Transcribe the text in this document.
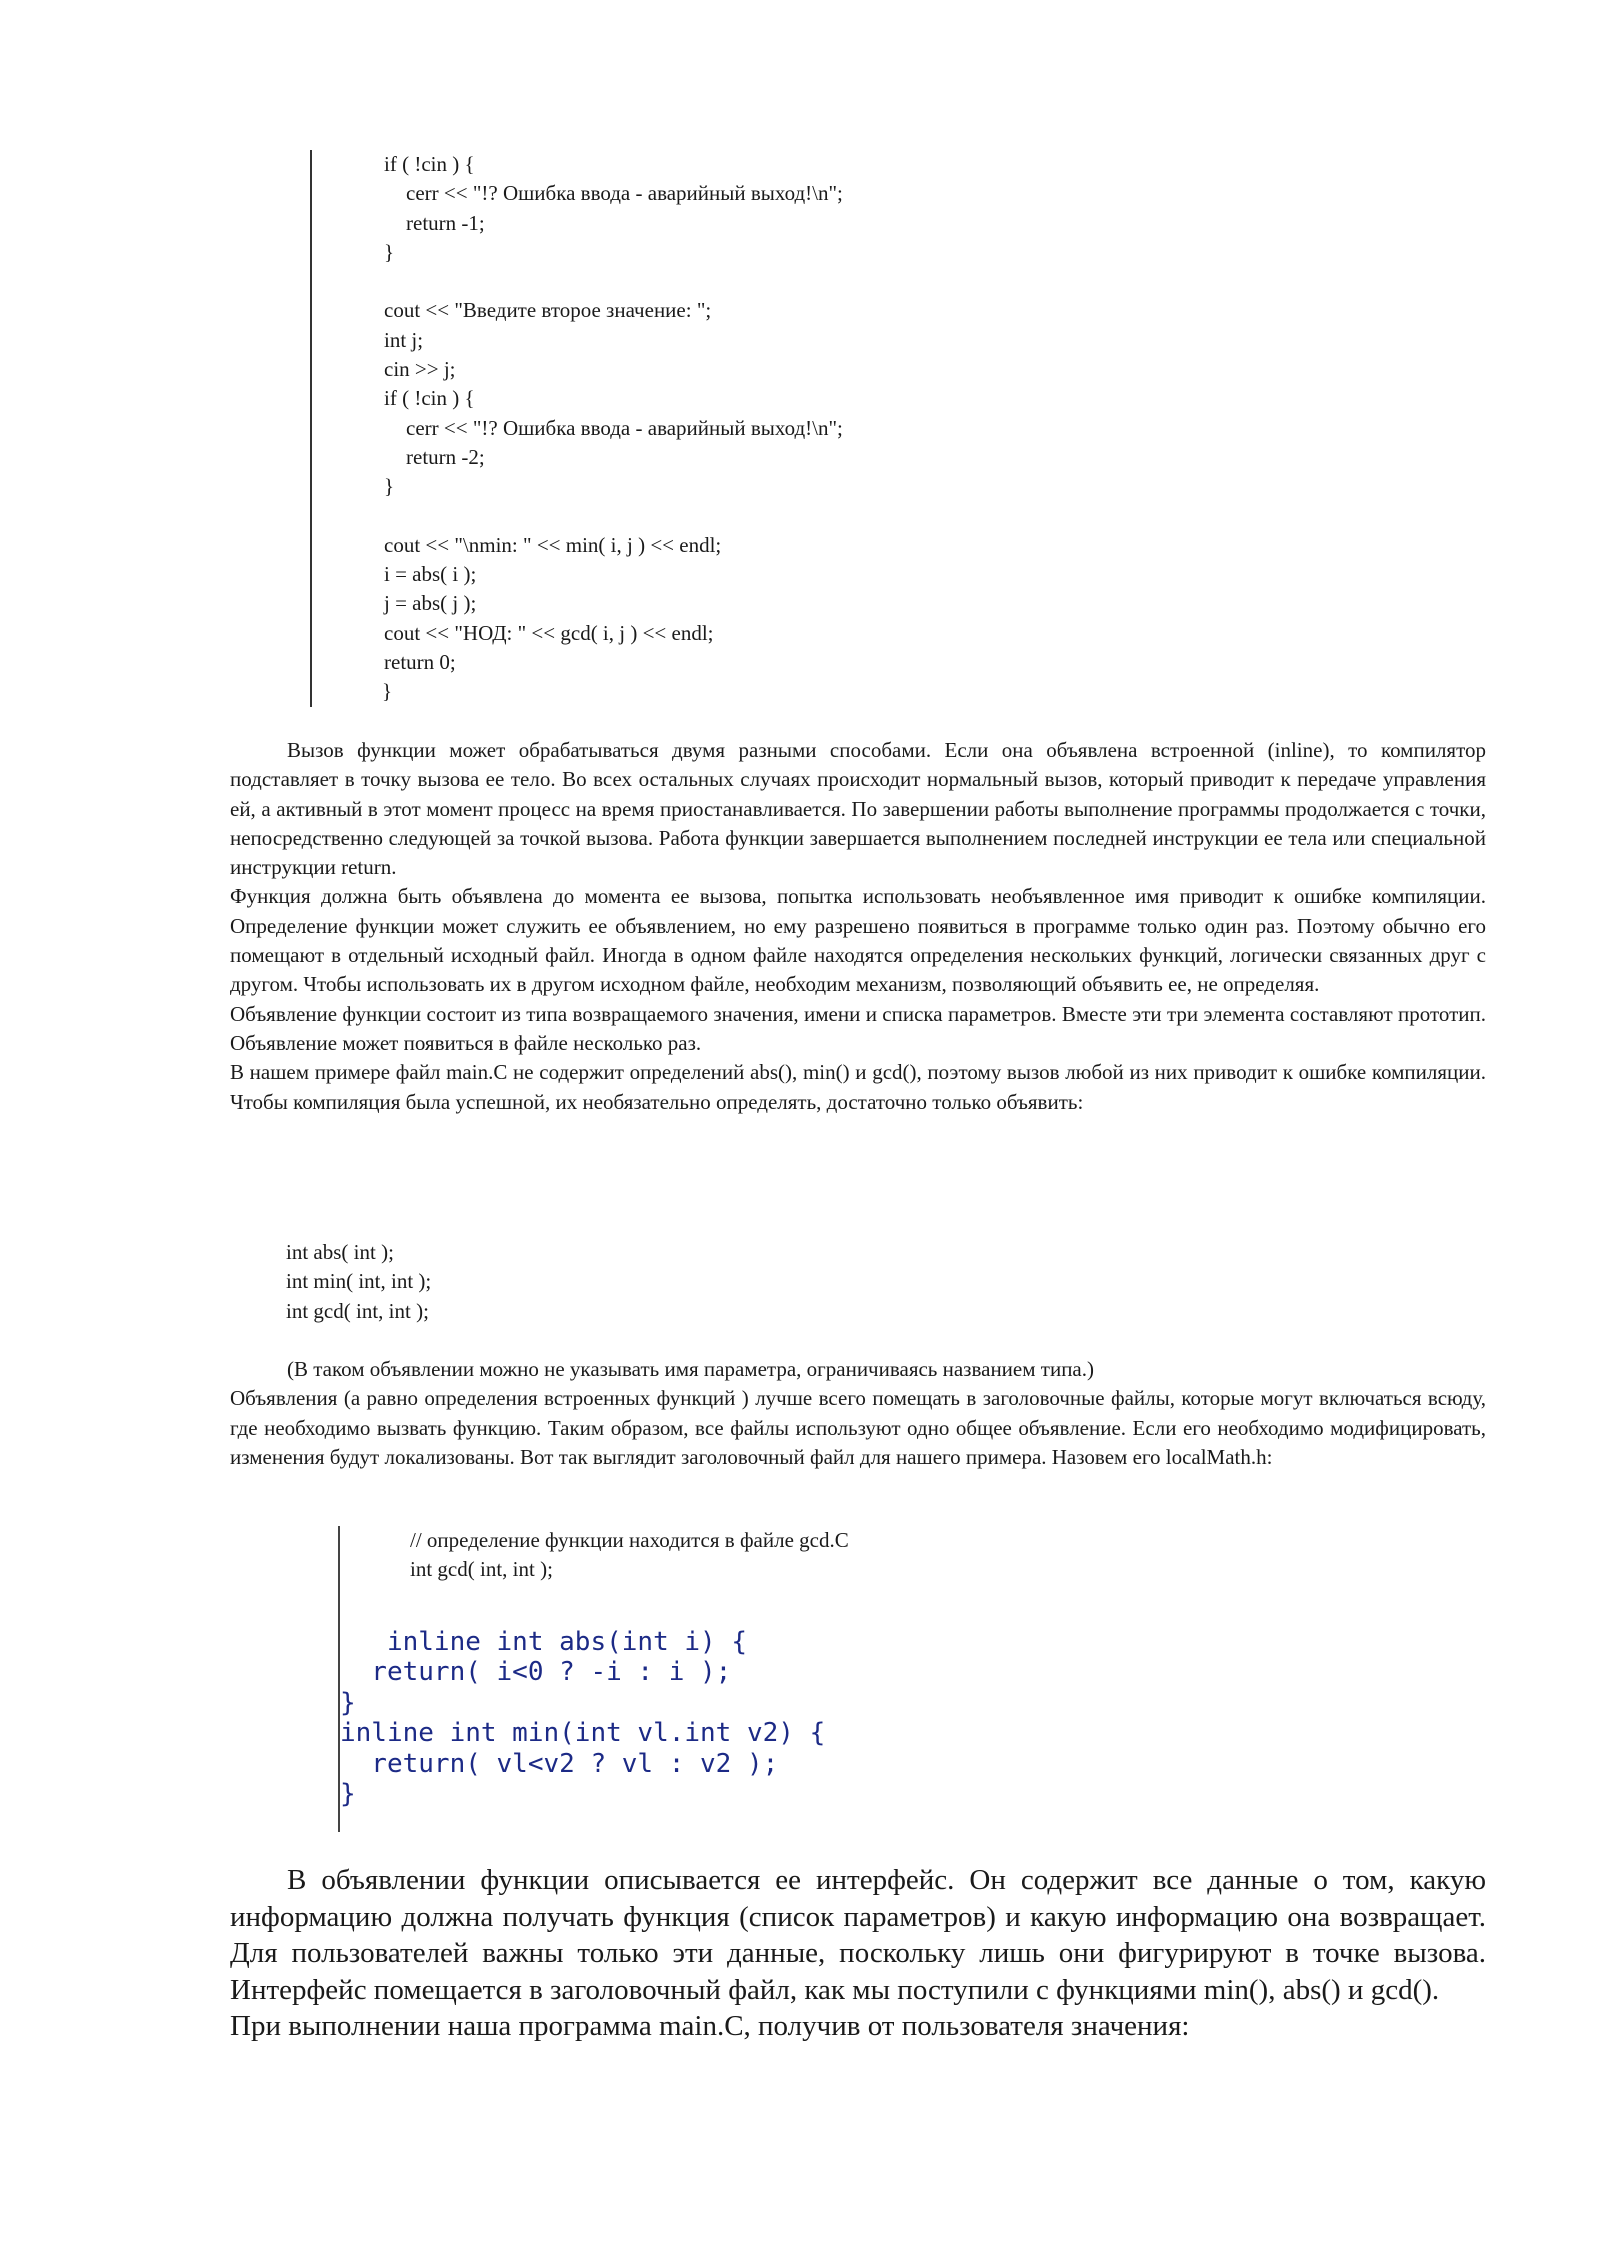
if ( !cin ) {
cerr << "!? Ошибка ввода - аварийный выход!\n";
return -1;
}
cout << "Введите второе значение: ";
int j;
cin >> j;
if ( !cin ) {
cerr << "!? Ошибка ввода - аварийный выход!\n";
return -2;
}
cout << "\nmin: " << min( i, j ) << endl;
i = abs( i );
j = abs( j );
cout << "НОД: " << gcd( i, j ) << endl;
return 0;
}

Вызов функции может обрабатываться двумя разными способами. Если она объявлена встроенной (inline), то компилятор подставляет в точку вызова ее тело. Во всех остальных случаях происходит нормальный вызов, который приводит к передаче управления ей, а активный в этот момент процесс на время приостанавливается. По завершении работы выполнение программы продолжается с точки, непосредственно следующей за точкой вызова. Работа функции завершается выполнением последней инструкции ее тела или специальной инструкции return.

Функция должна быть объявлена до момента ее вызова, попытка использовать необъявленное имя приводит к ошибке компиляции. Определение функции может служить ее объявлением, но ему разрешено появиться в программе только один раз. Поэтому обычно его помещают в отдельный исходный файл. Иногда в одном файле находятся определения нескольких функций, логически связанных друг с другом. Чтобы использовать их в другом исходном файле, необходим механизм, позволяющий объявить ее, не определяя.

Объявление функции состоит из типа возвращаемого значения, имени и списка параметров. Вместе эти три элемента составляют прототип. Объявление может появиться в файле несколько раз.

В нашем примере файл main.C не содержит определений abs(), min() и gcd(), поэтому вызов любой из них приводит к ошибке компиляции. Чтобы компиляция была успешной, их необязательно определять, достаточно только объявить:

int abs( int );
int min( int, int );
int gcd( int, int );

(В таком объявлении можно не указывать имя параметра, ограничиваясь названием типа.)

Объявления (а равно определения встроенных функций ) лучше всего помещать в заголовочные файлы, которые могут включаться всюду, где необходимо вызвать функцию. Таким образом, все файлы используют одно общее объявление. Если его необходимо модифицировать, изменения будут локализованы. Вот так выглядит заголовочный файл для нашего примера. Назовем его localMath.h:

// определение функции находится в файле gcd.C
int gcd( int, int );
inline int abs(int i) {
return( i<0 ? -i : i );
}
inline int min(int vl.int v2) {
return( vl<v2 ? vl : v2 );
}

В объявлении функции описывается ее интерфейс. Он содержит все данные о том, какую информацию должна получать функция (список параметров) и какую информацию она возвращает. Для пользователей важны только эти данные, поскольку лишь они фигурируют в точке вызова. Интерфейс помещается в заголовочный файл, как мы поступили с функциями min(), abs() и gcd().

При выполнении наша программа main.C, получив от пользователя значения:
